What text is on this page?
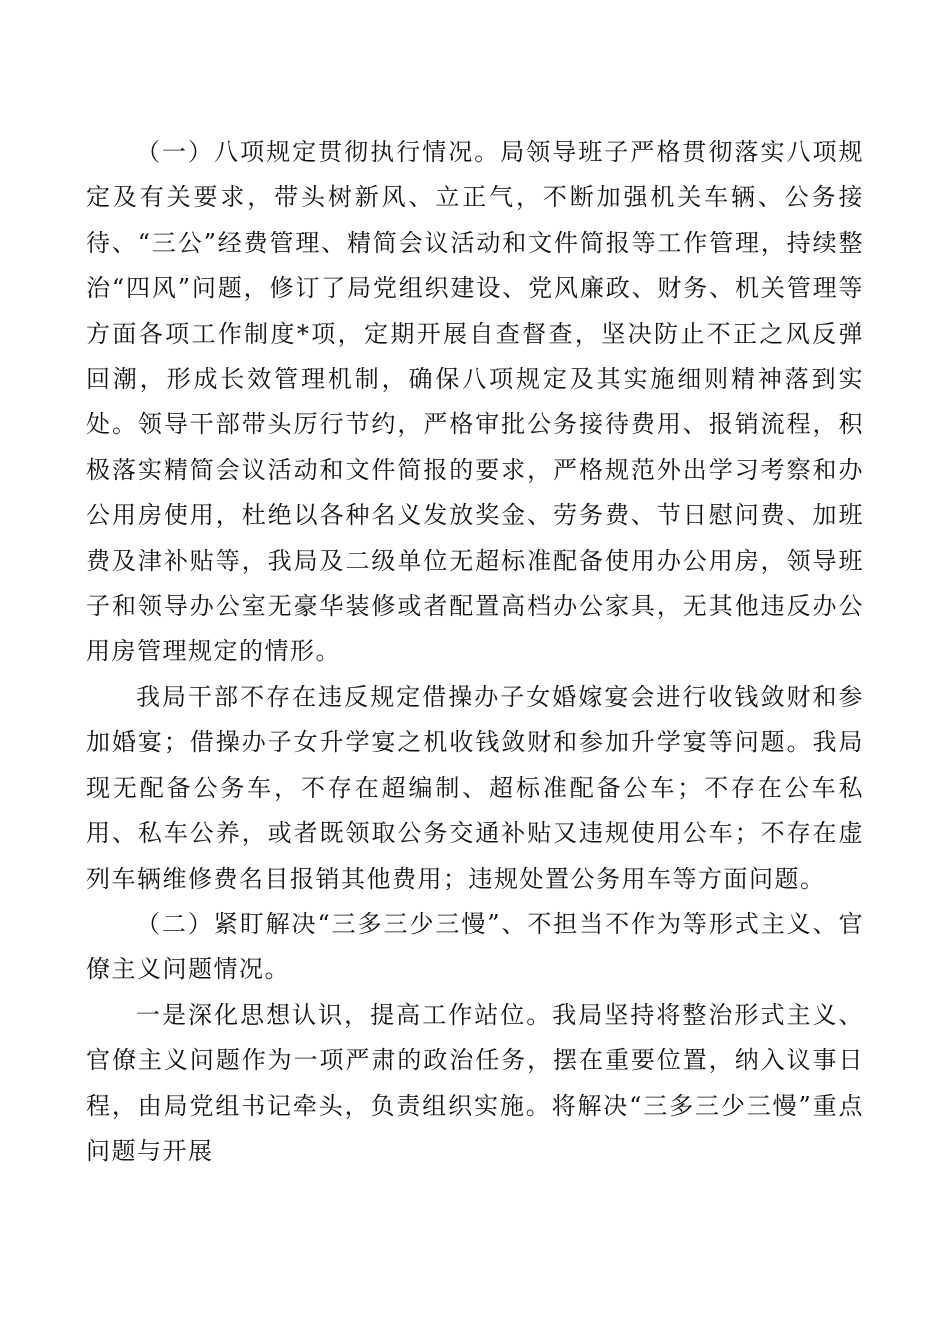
（一）八项规定贯彻执行情况。局领导班子严格贯彻落实八项规定及有关要求，带头树新风、立正气，不断加强机关车辆、公务接待、“三公”经费管理、精简会议活动和文件简报等工作管理，持续整治“四风”问题，修订了局党组织建设、党风廉政、财务、机关管理等方面各项工作制度*项，定期开展自查督查，坚决防止不正之风反弹回潮，形成长效管理机制，确保八项规定及其实施细则精神落到实处。领导干部带头厉行节约，严格审批公务接待费用、报销流程，积极落实精简会议活动和文件简报的要求，严格规范外出学习考察和办公用房使用，杜绝以各种名义发放奖金、劳务费、节日慰问费、加班费及津补贴等，我局及二级单位无超标准配备使用办公用房，领导班子和领导办公室无豪华装修或者配置高档办公家具，无其他违反办公用房管理规定的情形。

我局干部不存在违反规定借操办子女婚嫁宴会进行收钱敛财和参加婚宴；借操办子女升学宴之机收钱敛财和参加升学宴等问题。我局现无配备公务车，不存在超编制、超标准配备公车；不存在公车私用、私车公养，或者既领取公务交通补贴又违规使用公车；不存在虚列车辆维修费名目报销其他费用；违规处置公务用车等方面问题。

（二）紧盯解决“三多三少三慢”、不担当不作为等形式主义、官僚主义问题情况。

一是深化思想认识，提高工作站位。我局坚持将整治形式主义、官僚主义问题作为一项严肃的政治任务，摆在重要位置，纳入议事日程，由局党组书记牵头，负责组织实施。将解决“三多三少三慢”重点问题与开展
